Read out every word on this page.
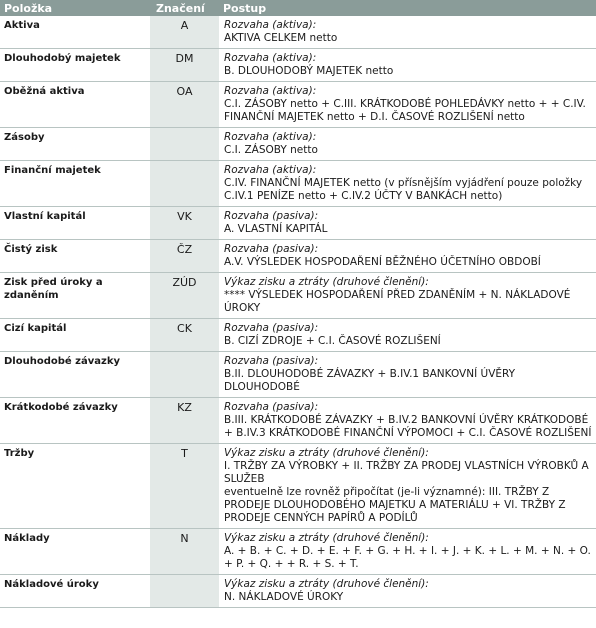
Položka	Značení	Postup
Aktiva	A	Rozvaha (aktiva):
AKTIVA CELKEM netto

Dlouhodobý majetek	DM	Rozvaha (aktiva):
B. DLOUHODOBÝ MAJETEK netto

Oběžná aktiva	OA	Rozvaha (aktiva):
C.I. ZÁSOBY netto + C.III. KRÁTKODOBÉ POHLEDÁVKY netto + + C.IV. FINANČNÍ MAJETEK netto + D.I. ČASOVÉ ROZLIŠENÍ netto

Zásoby		Rozvaha (aktiva):
C.I. ZÁSOBY netto

Finanční majetek		Rozvaha (aktiva):
C.IV. FINANČNÍ MAJETEK netto (v přísnějším vyjádření pouze položky C.IV.1 PENÍZE netto + C.IV.2 ÚČTY V BANKÁCH netto)

Vlastní kapitál	VK	Rozvaha (pasiva):
A. VLASTNÍ KAPITÁL

Čistý zisk	ČZ	Rozvaha (pasiva):
A.V. VÝSLEDEK HOSPODAŘENÍ BĚŽNÉHO ÚČETNÍHO OBDOBÍ

Zisk před úroky a zdaněním	ZÚD	Výkaz zisku a ztráty (druhové členění):
**** VÝSLEDEK HOSPODAŘENÍ PŘED ZDANĚNÍM + N. NÁKLADOVÉ ÚROKY

Cizí kapitál	CK	Rozvaha (pasiva):
B. CIZÍ ZDROJE + C.I. ČASOVÉ ROZLIŠENÍ

Dlouhodobé závazky		Rozvaha (pasiva):
B.II. DLOUHODOBÉ ZÁVAZKY + B.IV.1 BANKOVNÍ ÚVĚRY DLOUHODOBÉ

Krátkodobé závazky	KZ	Rozvaha (pasiva):
B.III. KRÁTKODOBÉ ZÁVAZKY + B.IV.2 BANKOVNÍ ÚVĚRY KRÁTKODOBÉ + B.IV.3 KRÁTKODOBÉ FINANČNÍ VÝPOMOCI + C.I. ČASOVÉ ROZLIŠENÍ

Tržby	T	Výkaz zisku a ztráty (druhové členění):
I. TRŽBY ZA VÝROBKY + II. TRŽBY ZA PRODEJ VLASTNÍCH VÝROBKŮ A SLUŽEB
eventuelně lze rovněž připočítat (je-li významné): III. TRŽBY Z PRODEJE DLOUHODOBÉHO MAJETKU A MATERIÁLU + VI. TRŽBY Z PRODEJE CENNÝCH PAPÍRŮ A PODÍLŮ

Náklady	N	Výkaz zisku a ztráty (druhové členění):
A. + B. + C. + D. + E. + F. + G. + H. + I. + J. + K. + L. + M. + N. + O. + P. + Q. + + R. + S. + T.

Nákladové úroky		Výkaz zisku a ztráty (druhové členění):
N. NÁKLADOVÉ ÚROKY
